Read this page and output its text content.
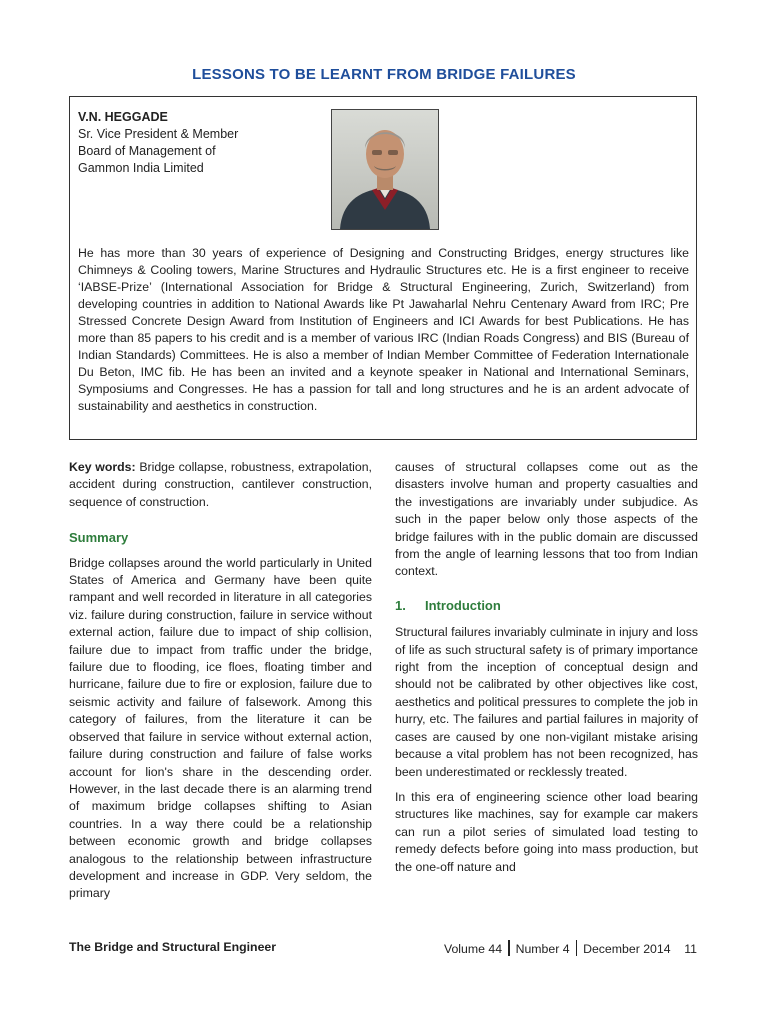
LESSONS TO BE LEARNT FROM BRIDGE FAILURES
V.N. HEGGADE
Sr. Vice President & Member
Board of Management of
Gammon India Limited
He has more than 30 years of experience of Designing and Constructing Bridges, energy structures like Chimneys & Cooling towers, Marine Structures and Hydraulic Structures etc. He is a first engineer to receive ‘IABSE-Prize’ (International Association for Bridge & Structural Engineering, Zurich, Switzerland) from developing countries in addition to National Awards like Pt Jawaharlal Nehru Centenary Award from IRC; Pre Stressed Concrete Design Award from Institution of Engineers and ICI Awards for best Publications. He has more than 85 papers to his credit and is a member of various IRC (Indian Roads Congress) and BIS (Bureau of Indian Standards) Committees. He is also a member of Indian Member Committee of Federation Internationale Du Beton, IMC fib. He has been an invited and a keynote speaker in National and International Seminars, Symposiums and Congresses. He has a passion for tall and long structures and he is an ardent advocate of sustainability and aesthetics in construction.

Key words: Bridge collapse, robustness, extrapolation, accident during construction, cantilever construction, sequence of construction.

Summary

Bridge collapses around the world particularly in United States of America and Germany have been quite rampant and well recorded in literature in all categories viz. failure during construction, failure in service without external action, failure due to impact of ship collision, failure due to impact from traffic under the bridge, failure due to flooding, ice floes, floating timber and hurricane, failure due to fire or explosion, failure due to seismic activity and failure of falsework. Among this category of failures, from the literature it can be observed that failure in service without external action, failure during construction and failure of false works account for lion's share in the descending order. However, in the last decade there is an alarming trend of maximum bridge collapses shifting to Asian countries. In a way there could be a relationship between economic growth and bridge collapses analogous to the relationship between infrastructure development and increase in GDP. Very seldom, the primary

causes of structural collapses come out as the disasters involve human and property casualties and the investigations are invariably under subjudice. As such in the paper below only those aspects of the bridge failures with in the public domain are discussed from the angle of learning lessons that too from Indian context.

1. Introduction

Structural failures invariably culminate in injury and loss of life as such structural safety is of primary importance right from the inception of conceptual design and should not be calibrated by other objectives like cost, aesthetics and political pressures to complete the job in hurry, etc. The failures and partial failures in majority of cases are caused by one non-vigilant mistake arising because a vital problem has not been recognized, has been underestimated or recklessly treated.

In this era of engineering science other load bearing structures like machines, say for example car makers can run a pilot series of simulated load testing to remedy defects before going into mass production, but the one-off nature and

The Bridge and Structural Engineer	Volume 44 Number 4 December 2014 11
